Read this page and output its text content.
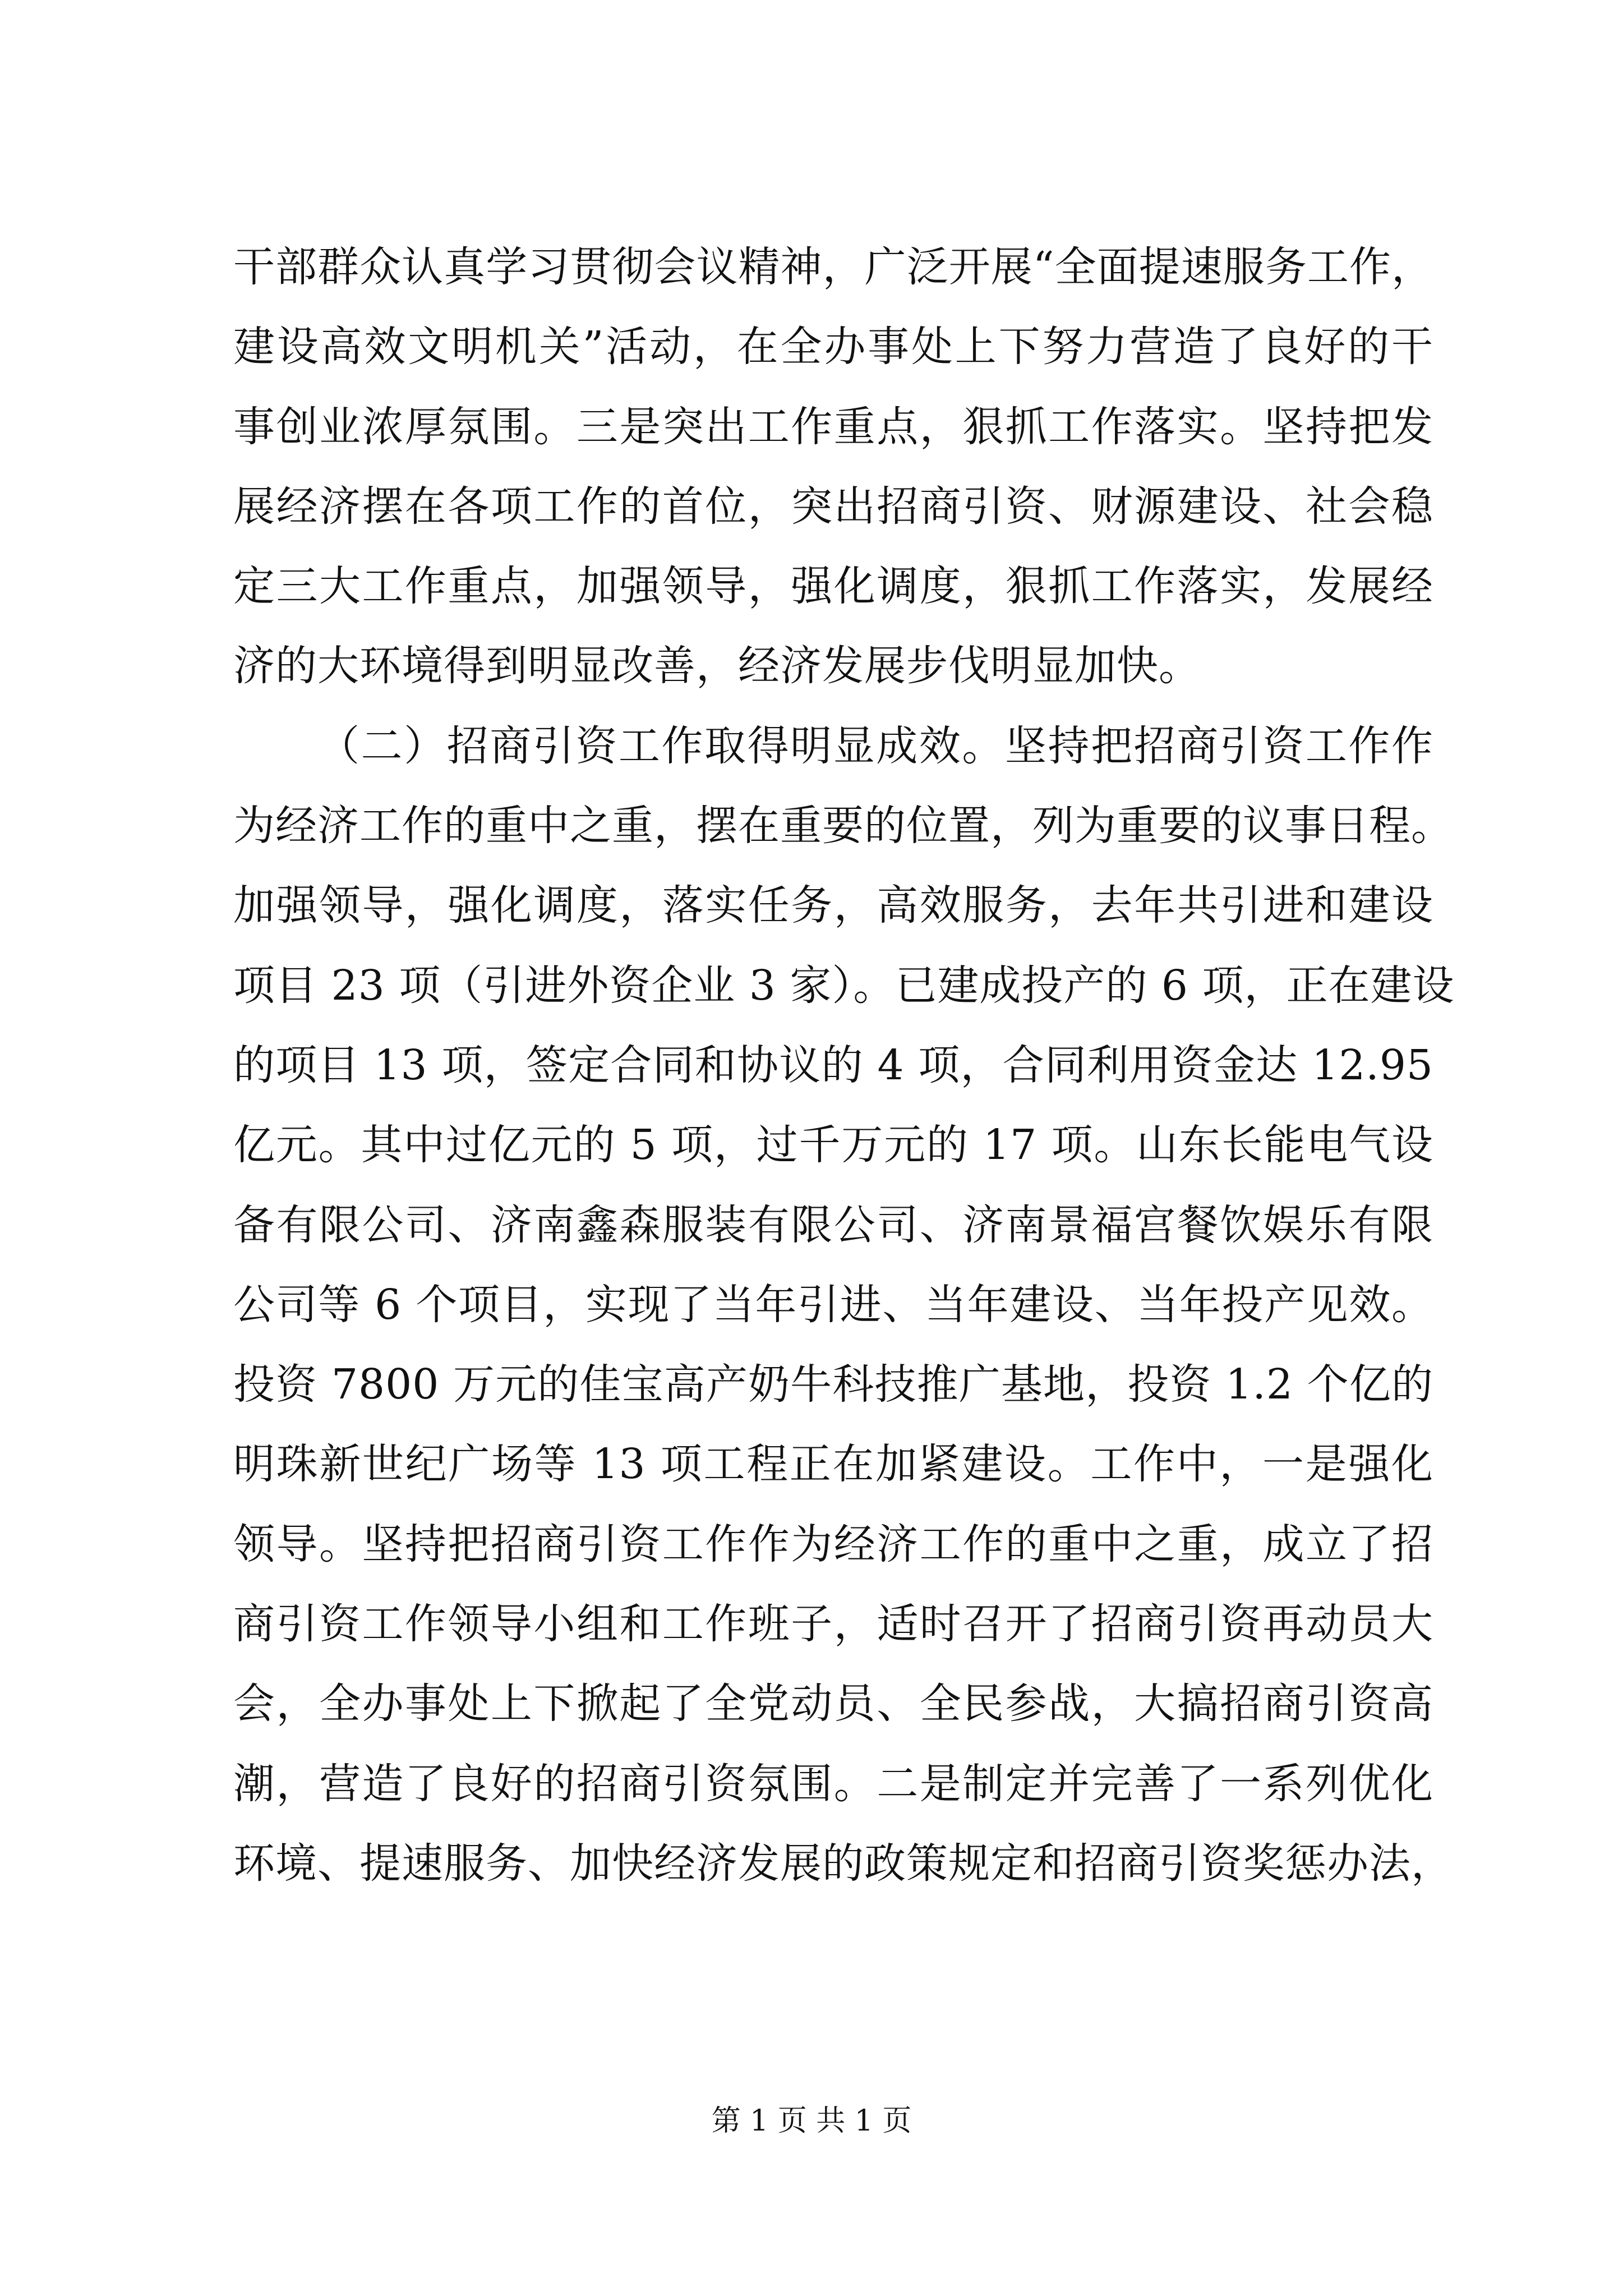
干部群众认真学习贯彻会议精神，广泛开展“全面提速服务工作，
建设高效文明机关”活动，在全办事处上下努力营造了良好的干
事创业浓厚氛围。三是突出工作重点，狠抓工作落实。坚持把发
展经济摆在各项工作的首位，突出招商引资、财源建设、社会稳
定三大工作重点，加强领导，强化调度，狠抓工作落实，发展经
济的大环境得到明显改善，经济发展步伐明显加快。
（二）招商引资工作取得明显成效。坚持把招商引资工作作
为经济工作的重中之重，摆在重要的位置，列为重要的议事日程。
加强领导，强化调度，落实任务，高效服务，去年共引进和建设
项目 23 项（引进外资企业 3 家）。已建成投产的 6 项，正在建设
的项目 13 项，签定合同和协议的 4 项，合同利用资金达 12.95
亿元。其中过亿元的 5 项，过千万元的 17 项。山东长能电气设
备有限公司、济南鑫森服装有限公司、济南景福宫餐饮娱乐有限
公司等 6 个项目，实现了当年引进、当年建设、当年投产见效。
投资 7800 万元的佳宝高产奶牛科技推广基地，投资 1.2 个亿的
明珠新世纪广场等 13 项工程正在加紧建设。工作中，一是强化
领导。坚持把招商引资工作作为经济工作的重中之重，成立了招
商引资工作领导小组和工作班子，适时召开了招商引资再动员大
会，全办事处上下掀起了全党动员、全民参战，大搞招商引资高
潮，营造了良好的招商引资氛围。二是制定并完善了一系列优化
环境、提速服务、加快经济发展的政策规定和招商引资奖惩办法，
第 1 页 共 1 页
